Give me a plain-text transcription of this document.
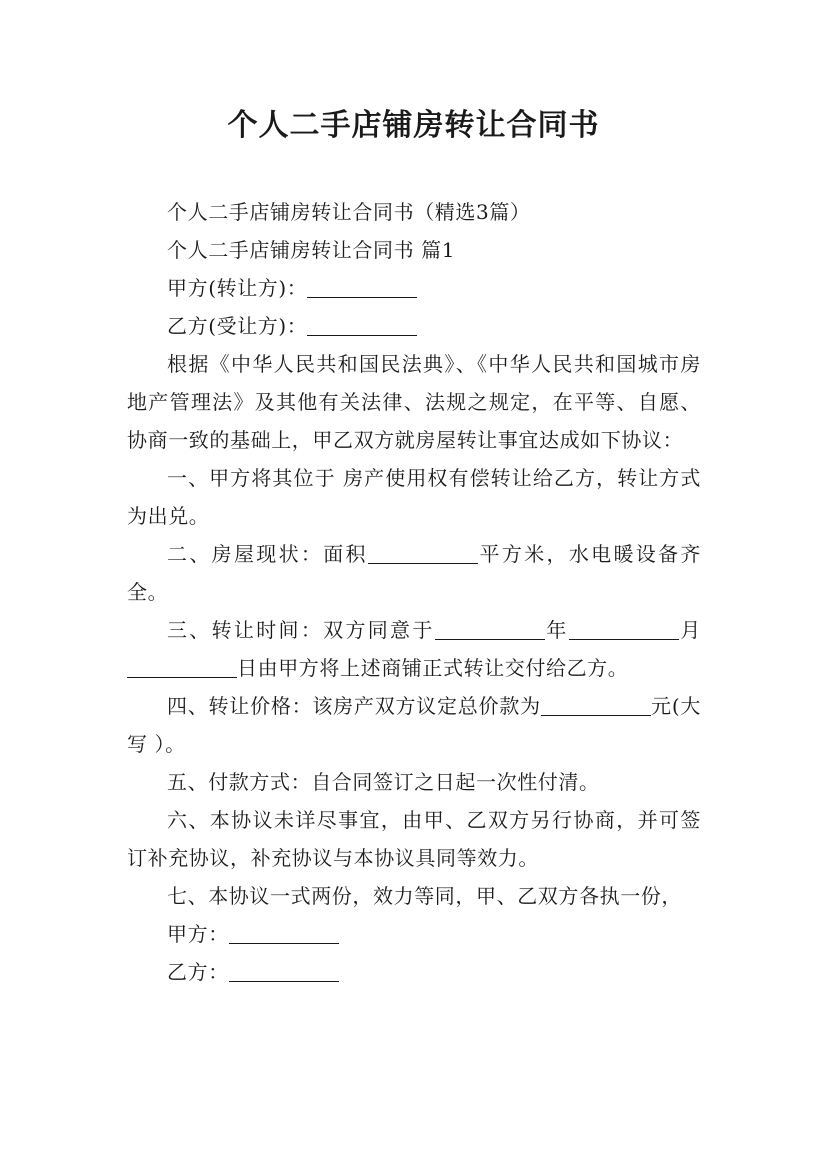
个人二手店铺房转让合同书

个人二手店铺房转让合同书（精选3篇）

个人二手店铺房转让合同书 篇1

甲方(转让方)：

乙方(受让方)：

根据《中华人民共和国民法典》、《中华人民共和国城市房地产管理法》及其他有关法律、法规之规定，在平等、自愿、协商一致的基础上，甲乙双方就房屋转让事宜达成如下协议：

一、甲方将其位于 房产使用权有偿转让给乙方，转让方式为出兑。

二、房屋现状：面积	平方米，水电暖设备齐全。

三、转让时间：双方同意于	年	月日由甲方将上述商铺正式转让交付给乙方。

四、转让价格：该房产双方议定总价款为	元(大写 ）。

五、付款方式：自合同签订之日起一次性付清。

六、本协议未详尽事宜，由甲、乙双方另行协商，并可签订补充协议，补充协议与本协议具同等效力。

七、本协议一式两份，效力等同，甲、乙双方各执一份，

甲方：

乙方：
